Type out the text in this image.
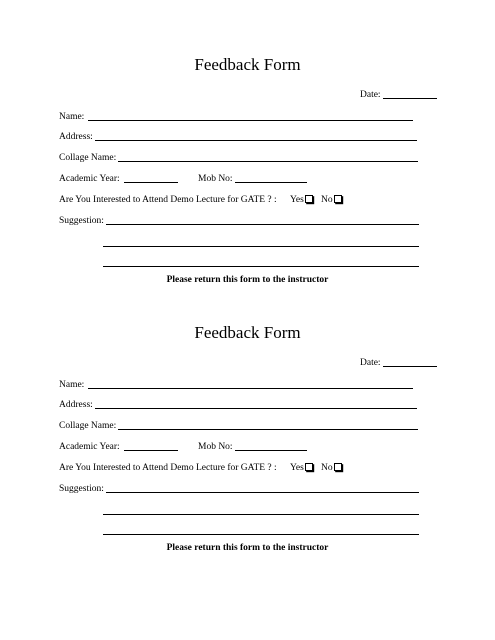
Feedback Form
Date:
Name:
Address:
Collage Name:
Academic Year:	Mob No:
Are You Interested to Attend Demo Lecture for GATE ? : Yes No
Suggestion:
Please return this form to the instructor
Feedback Form
Date:
Name:
Address:
Collage Name:
Academic Year:	Mob No:
Are You Interested to Attend Demo Lecture for GATE ? : Yes No
Suggestion:
Please return this form to the instructor
